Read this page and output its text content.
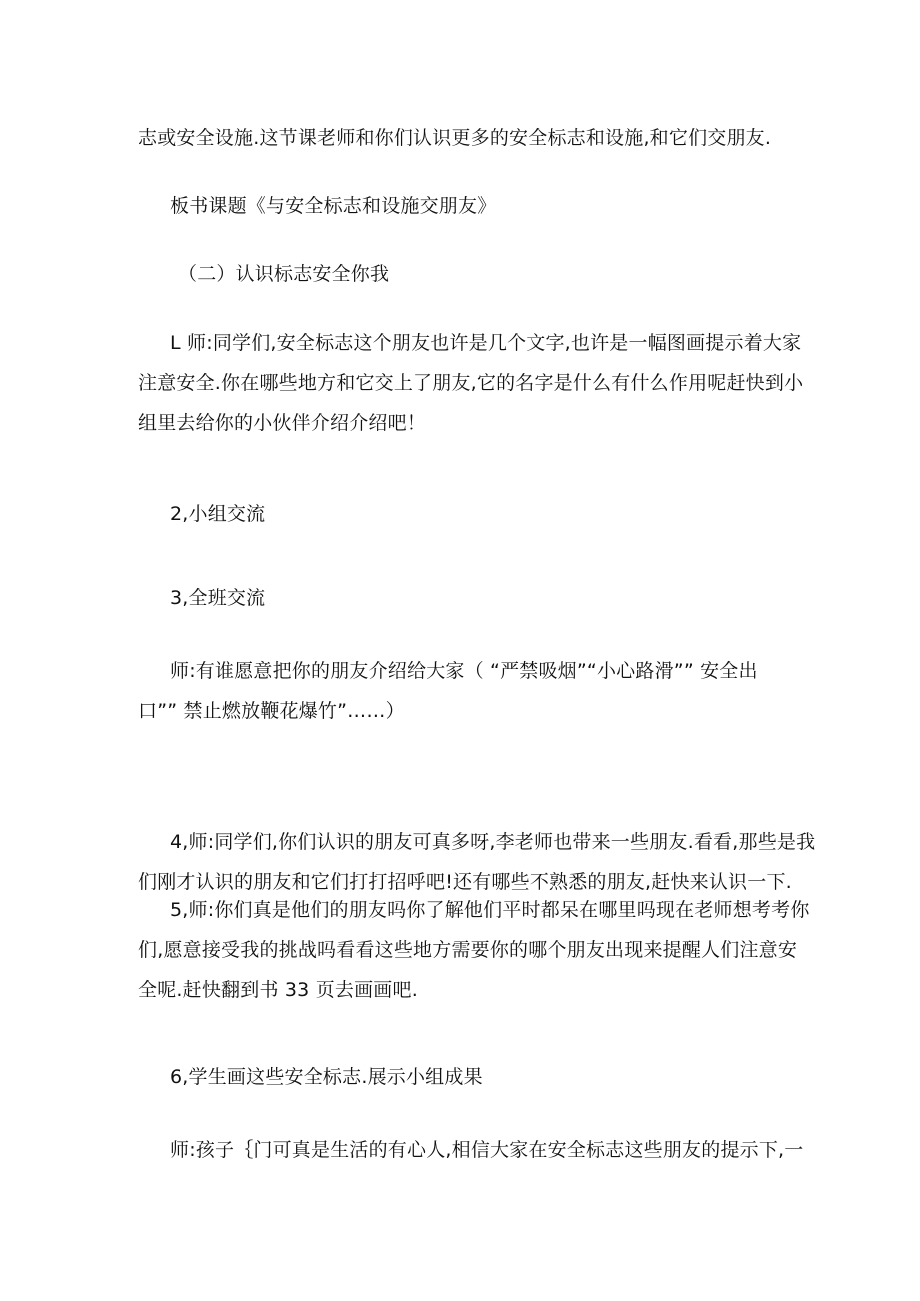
志或安全设施.这节课老师和你们认识更多的安全标志和设施,和它们交朋友.

板书课题《与安全标志和设施交朋友》

（二）认识标志安全你我

L 师:同学们,安全标志这个朋友也许是几个文字,也许是一幅图画提示着大家
注意安全.你在哪些地方和它交上了朋友,它的名字是什么有什么作用呢赶快到小
组里去给你的小伙伴介绍介绍吧！

2,小组交流

3,全班交流

师:有谁愿意把你的朋友介绍给大家（ “严禁吸烟”“小心路滑”” 安全出
口”” 禁止燃放鞭花爆竹”……）

4,师:同学们,你们认识的朋友可真多呀,李老师也带来一些朋友.看看,那些是我
们刚才认识的朋友和它们打打招呼吧!还有哪些不熟悉的朋友,赶快来认识一下.

5,师:你们真是他们的朋友吗你了解他们平时都呆在哪里吗现在老师想考考你
们,愿意接受我的挑战吗看看这些地方需要你的哪个朋友出现来提醒人们注意安
全呢.赶快翻到书 33 页去画画吧.

6,学生画这些安全标志.展示小组成果

师:孩子｛门可真是生活的有心人,相信大家在安全标志这些朋友的提示下,一
